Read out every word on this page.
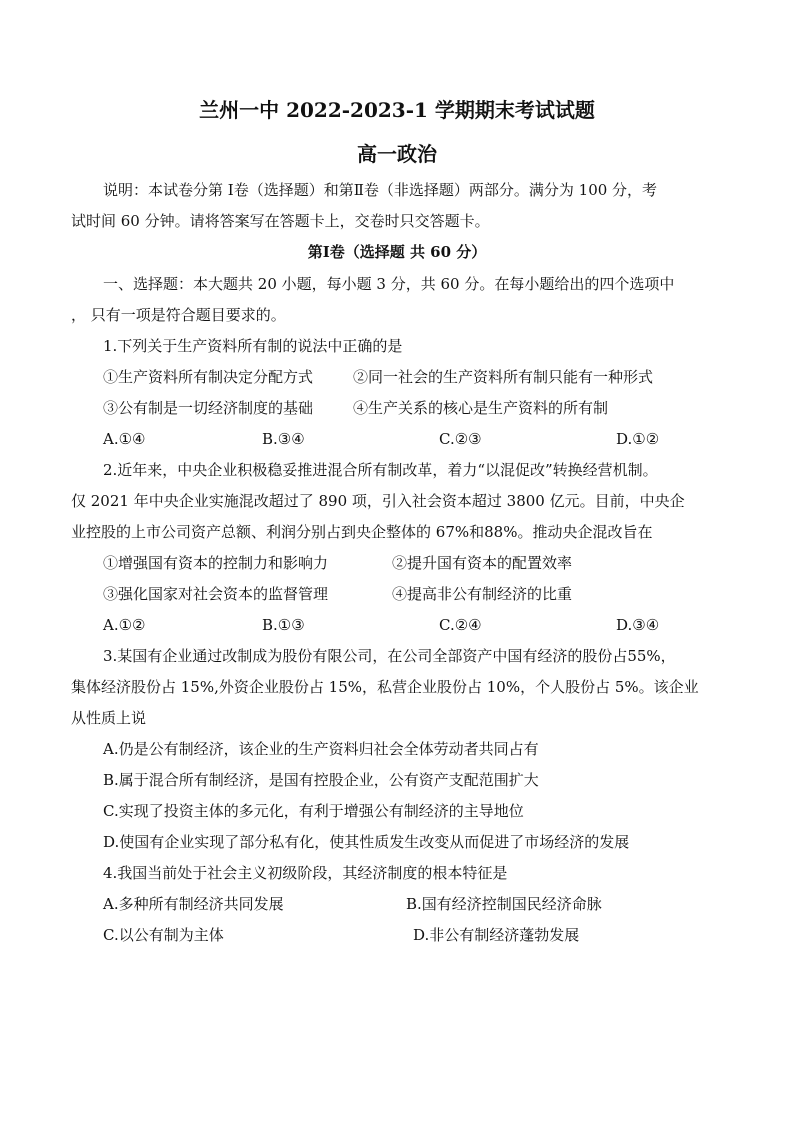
兰州一中 2022-2023-1 学期期末考试试题
高一政治
说明：本试卷分第 Ⅰ卷（选择题）和第Ⅱ卷（非选择题）两部分。满分为 100 分，考
试时间 60 分钟。请将答案写在答题卡上，交卷时只交答题卡。
第Ⅰ卷（选择题 共 60 分）
一、选择题：本大题共 20 小题，每小题 3 分，共 60 分。在每小题给出的四个选项中
， 只有一项是符合题目要求的。
1.下列关于生产资料所有制的说法中正确的是
①生产资料所有制决定分配方式	②同一社会的生产资料所有制只能有一种形式
③公有制是一切经济制度的基础	④生产关系的核心是生产资料的所有制
A.①④	B.③④	C.②③	D.①②
2.近年来，中央企业积极稳妥推进混合所有制改革，着力“以混促改”转换经营机制。
仅 2021 年中央企业实施混改超过了 890 项，引入社会资本超过 3800 亿元。目前，中央企
业控股的上市公司资产总额、利润分别占到央企整体的 67%和88%。推动央企混改旨在
①增强国有资本的控制力和影响力	②提升国有资本的配置效率
③强化国家对社会资本的监督管理	④提高非公有制经济的比重
A.①②	B.①③	C.②④	D.③④
3.某国有企业通过改制成为股份有限公司，在公司全部资产中国有经济的股份占55%，
集体经济股份占 15%,外资企业股份占 15%，私营企业股份占 10%，个人股份占 5%。该企业
从性质上说
A.仍是公有制经济，该企业的生产资料归社会全体劳动者共同占有
B.属于混合所有制经济，是国有控股企业，公有资产支配范围扩大
C.实现了投资主体的多元化，有利于增强公有制经济的主导地位
D.使国有企业实现了部分私有化，使其性质发生改变从而促进了市场经济的发展
4.我国当前处于社会主义初级阶段，其经济制度的根本特征是
A.多种所有制经济共同发展	B.国有经济控制国民经济命脉
C.以公有制为主体	D.非公有制经济蓬勃发展
